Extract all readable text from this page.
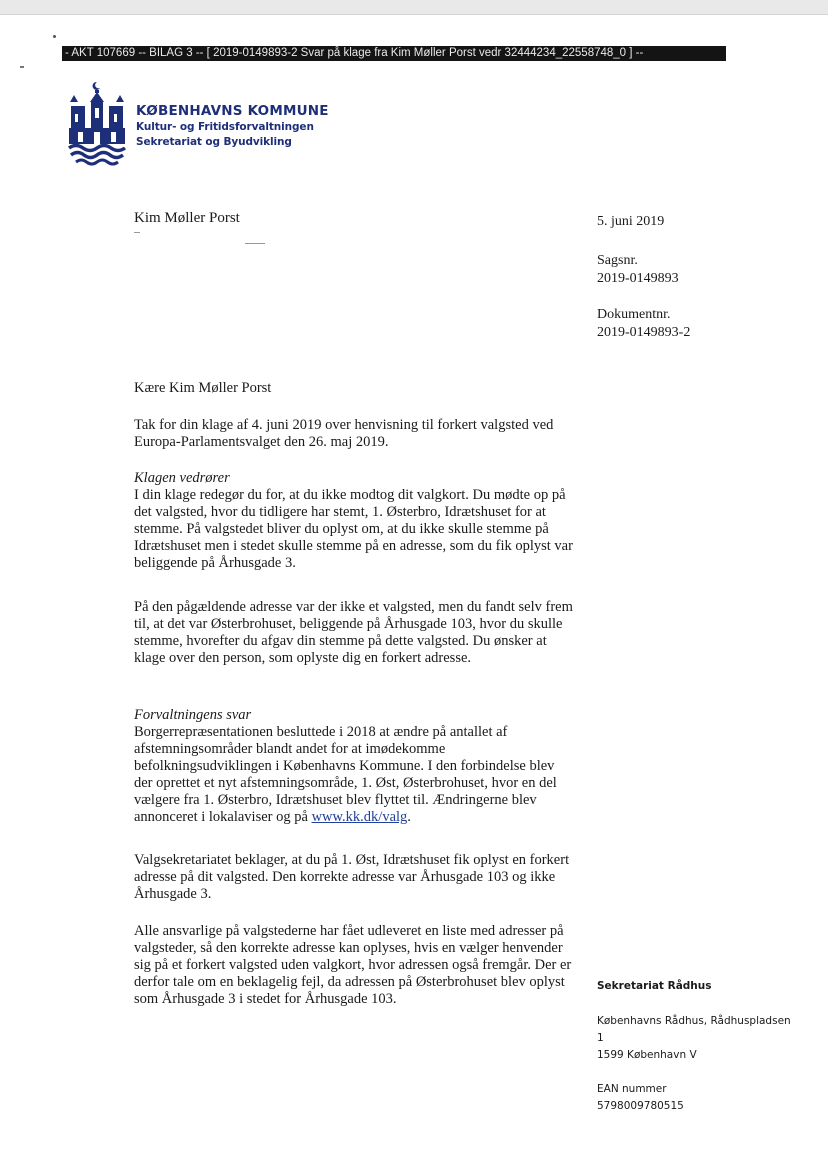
- AKT 107669 -- BILAG 3 -- [ 2019-0149893-2 Svar på klage fra Kim Møller Porst vedr 32444234_22558748_0 ] --
KØBENHAVNS KOMMUNE
Kultur- og Fritidsforvaltningen
Sekretariat og Byudvikling
Kim Møller Porst	5. juni 2019
Sagsnr.
2019-0149893
Dokumentnr.
2019-0149893-2

Kære Kim Møller Porst

Tak for din klage af 4. juni 2019 over henvisning til forkert valgsted ved Europa-Parlamentsvalget den 26. maj 2019.

Klagen vedrører

I din klage redegør du for, at du ikke modtog dit valgkort. Du mødte op på det valgsted, hvor du tidligere har stemt, 1. Østerbro, Idrætshuset for at stemme. På valgstedet bliver du oplyst om, at du ikke skulle stemme på Idrætshuset men i stedet skulle stemme på en adresse, som du fik oplyst var beliggende på Århusgade 3.

På den pågældende adresse var der ikke et valgsted, men du fandt selv frem til, at det var Østerbrohuset, beliggende på Århusgade 103, hvor du skulle stemme, hvorefter du afgav din stemme på dette valgsted. Du ønsker at klage over den person, som oplyste dig en forkert adresse.

Forvaltningens svar

Borgerrepræsentationen besluttede i 2018 at ændre på antallet af afstemningsområder blandt andet for at imødekomme befolkningsudviklingen i Københavns Kommune. I den forbindelse blev der oprettet et nyt afstemningsområde, 1. Øst, Østerbrohuset, hvor en del vælgere fra 1. Østerbro, Idrætshuset blev flyttet til. Ændringerne blev annonceret i lokalaviser og på www.kk.dk/valg.

Valgsekretariatet beklager, at du på 1. Øst, Idrætshuset fik oplyst en forkert adresse på dit valgsted. Den korrekte adresse var Århusgade 103 og ikke Århusgade 3.

Alle ansvarlige på valgstederne har fået udleveret en liste med adresser på valgsteder, så den korrekte adresse kan oplyses, hvis en vælger henvender sig på et forkert valgsted uden valgkort, hvor adressen også fremgår. Der er derfor tale om en beklagelig fejl, da adressen på Østerbrohuset blev oplyst som Århusgade 3 i stedet for Århusgade 103.

Sekretariat Rådhus
Københavns Rådhus, Rådhuspladsen
1
1599 København V
EAN nummer
5798009780515
